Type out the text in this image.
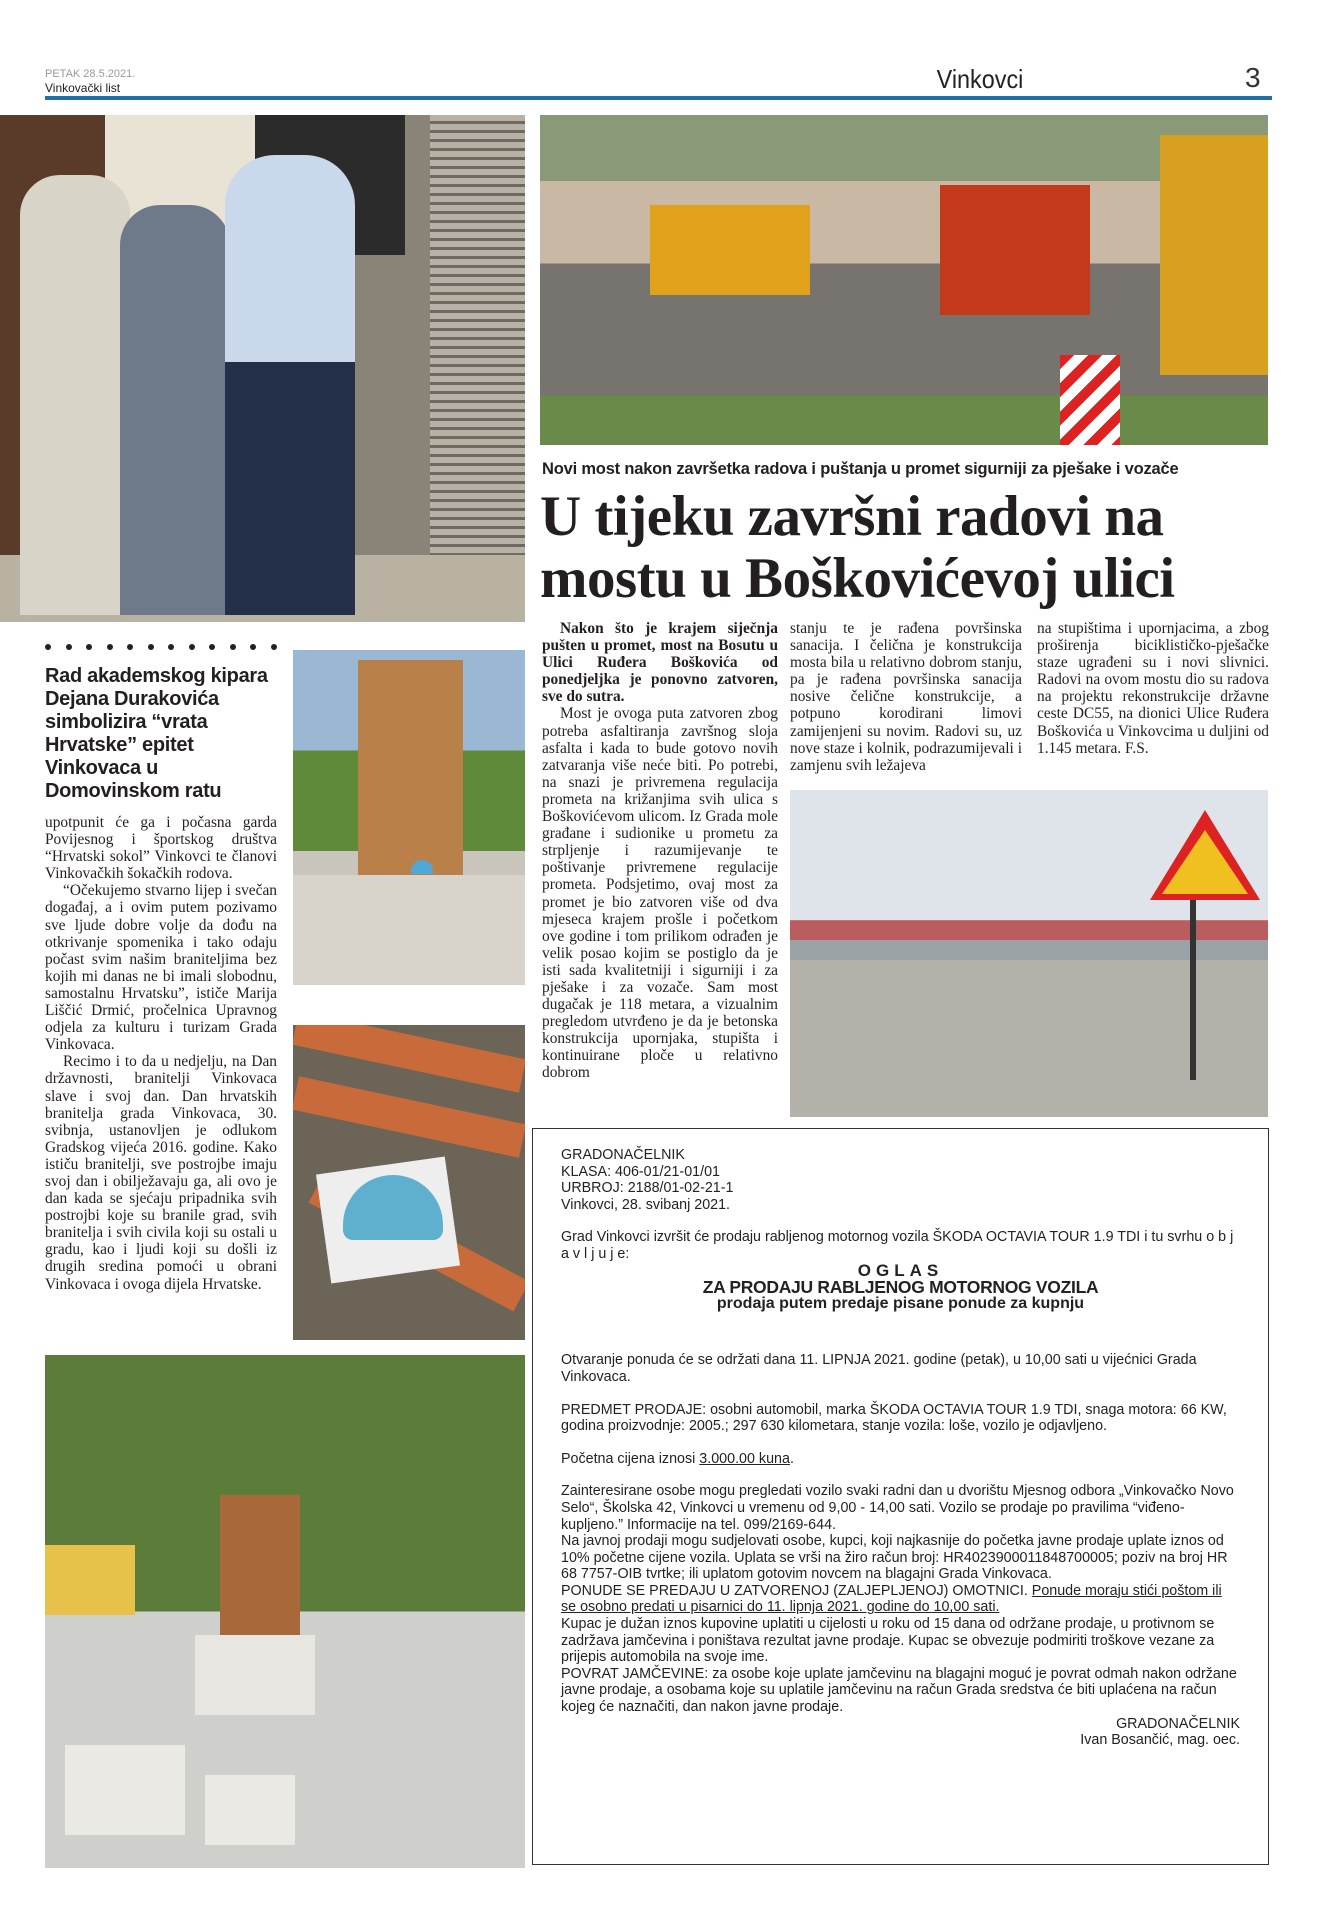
PETAK 28.5.2021.
Vinkovački list	Vinkovci	3
Novi most nakon završetka radova i puštanja u promet sigurniji za pješake i vozače
U tijeku završni radovi na mostu u Boškovićevoj ulici
Rad akademskog kipara Dejana Durakovića simbolizira “vrata Hrvatske” epitet Vinkovaca u Domovinskom ratu

upotpunit će ga i počasna garda Povijesnog i športskog društva “Hrvatski sokol” Vinkovci te članovi Vinkovačkih šokačkih rodova.

“Očekujemo stvarno lijep i svečan događaj, a i ovim putem pozivamo sve ljude dobre volje da dođu na otkrivanje spomenika i tako odaju počast svim našim braniteljima bez kojih mi danas ne bi imali slobodnu, samostalnu Hrvatsku”, ističe Marija Liščić Drmić, pročelnica Upravnog odjela za kulturu i turizam Grada Vinkovaca.

Recimo i to da u nedjelju, na Dan državnosti, branitelji Vinkovaca slave i svoj dan. Dan hrvatskih branitelja grada Vinkovaca, 30. svibnja, ustanovljen je odlukom Gradskog vijeća 2016. godine. Kako ističu branitelji, sve postrojbe imaju svoj dan i obilježavaju ga, ali ovo je dan kada se sjećaju pripadnika svih postrojbi koje su branile grad, svih branitelja i svih civila koji su ostali u gradu, kao i ljudi koji su došli iz drugih sredina pomoći u obrani Vinkovaca i ovoga dijela Hrvatske.

Nakon što je krajem siječnja pušten u promet, most na Bosutu u Ulici Ruđera Boškovića od ponedjeljka je ponovno zatvoren, sve do sutra.

Most je ovoga puta zatvoren zbog potreba asfaltiranja završnog sloja asfalta i kada to bude gotovo novih zatvaranja više neće biti. Po potrebi, na snazi je privremena regulacija prometa na križanjima svih ulica s Boškovićevom ulicom. Iz Grada mole građane i sudionike u prometu za strpljenje i razumijevanje te poštivanje privremene regulacije prometa. Podsjetimo, ovaj most za promet je bio zatvoren više od dva mjeseca krajem prošle i početkom ove godine i tom prilikom odrađen je velik posao kojim se postiglo da je isti sada kvalitetniji i sigurniji i za pješake i za vozače. Sam most dugačak je 118 metara, a vizualnim pregledom utvrđeno je da je betonska konstrukcija upornjaka, stupišta i kontinuirane ploče u relativno dobrom

stanju te je rađena površinska sanacija. I čelična je konstrukcija mosta bila u relativno dobrom stanju, pa je rađena površinska sanacija nosive čelične konstrukcije, a potpuno korodirani limovi zamijenjeni su novim. Radovi su, uz nove staze i kolnik, podrazumijevali i zamjenu svih ležajeva

na stupištima i upornjacima, a zbog proširenja biciklističko-pješačke staze ugrađeni su i novi slivnici. Radovi na ovom mostu dio su radova na projektu rekonstrukcije državne ceste DC55, na dionici Ulice Ruđera Boškovića u Vinkovcima u duljini od 1.145 metara. F.S.

GRADONAČELNIK

KLASA: 406-01/21-01/01

URBROJ: 2188/01-02-21-1

Vinkovci, 28. svibanj 2021.

Grad Vinkovci izvršit će prodaju rabljenog motornog vozila ŠKODA OCTAVIA TOUR 1.9 TDI i tu svrhu o b j a v l j u j e:

OGLAS

ZA PRODAJU RABLJENOG MOTORNOG VOZILA

prodaja putem predaje pisane ponude za kupnju

Otvaranje ponuda će se održati dana 11. LIPNJA 2021. godine (petak), u 10,00 sati u vijećnici Grada Vinkovaca.

PREDMET PRODAJE: osobni automobil, marka ŠKODA OCTAVIA TOUR 1.9 TDI, snaga motora: 66 KW, godina proizvodnje: 2005.; 297 630 kilometara, stanje vozila: loše, vozilo je odjavljeno.

Početna cijena iznosi 3.000.00 kuna.

Zainteresirane osobe mogu pregledati vozilo svaki radni dan u dvorištu Mjesnog odbora „Vinkovačko Novo Selo“, Školska 42, Vinkovci u vremenu od 9,00 - 14,00 sati. Vozilo se prodaje po pravilima “viđeno-kupljeno.” Informacije na tel. 099/2169-644.

Na javnoj prodaji mogu sudjelovati osobe, kupci, koji najkasnije do početka javne prodaje uplate iznos od 10% početne cijene vozila. Uplata se vrši na žiro račun broj: HR4023900011848700005; poziv na broj HR 68 7757-OIB tvrtke; ili uplatom gotovim novcem na blagajni Grada Vinkovaca.

PONUDE SE PREDAJU U ZATVORENOJ (ZALJEPLJENOJ) OMOTNICI. Ponude moraju stići poštom ili se osobno predati u pisarnici do 11. lipnja 2021. godine do 10,00 sati.

Kupac je dužan iznos kupovine uplatiti u cijelosti u roku od 15 dana od održane prodaje, u protivnom se zadržava jamčevina i poništava rezultat javne prodaje. Kupac se obvezuje podmiriti troškove vezane za prijepis automobila na svoje ime.

POVRAT JAMČEVINE: za osobe koje uplate jamčevinu na blagajni moguć je povrat odmah nakon održane javne prodaje, a osobama koje su uplatile jamčevinu na račun Grada sredstva će biti uplaćena na račun kojeg će naznačiti, dan nakon javne prodaje.

GRADONAČELNIK

Ivan Bosančić, mag. oec.
